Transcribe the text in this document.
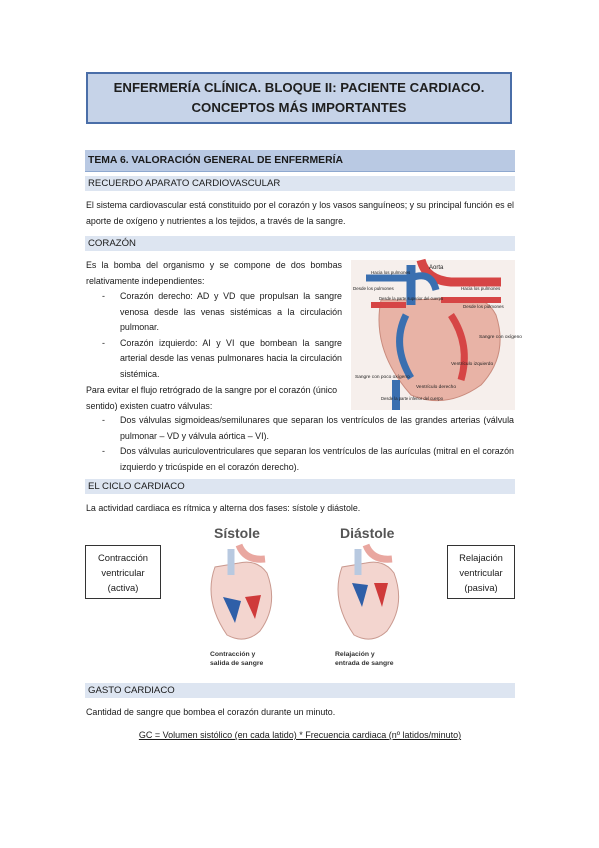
ENFERMERÍA CLÍNICA. BLOQUE II: PACIENTE CARDIACO.
CONCEPTOS MÁS IMPORTANTES
TEMA 6. VALORACIÓN GENERAL DE ENFERMERÍA
RECUERDO APARATO CARDIOVASCULAR
El sistema cardiovascular está constituido por el corazón y los vasos sanguíneos; y su principal función es el aporte de oxígeno y nutrientes a los tejidos, a través de la sangre.
CORAZÓN
Es la bomba del organismo y se compone de dos bombas relativamente independientes:
- Corazón derecho: AD y VD que propulsan la sangre venosa desde las venas sistémicas a la circulación pulmonar.
- Corazón izquierdo: AI y VI que bombean la sangre arterial desde las venas pulmonares hacia la circulación sistémica.
Para evitar el flujo retrógrado de la sangre por el corazón (único sentido) existen cuatro válvulas:
- Dos válvulas sigmoideas/semilunares que separan los ventrículos de las grandes arterias (válvula pulmonar – VD y válvula aórtica – VI).
- Dos válvulas auriculoventriculares que separan los ventrículos de las aurículas (mitral en el corazón izquierdo y tricúspide en el corazón derecho).
Aorta
Hacia los pulmones
Desde los pulmones	Hacia los pulmones
Desde los pulmones
Sangre con oxígeno
Ventrículo izquierdo
Sangre con poco oxígeno
Ventrículo derecho
Desde la parte inferior del cuerpo
Desde la parte superior del cuerpo
EL CICLO CARDIACO
La actividad cardiaca es rítmica y alterna dos fases: sístole y diástole.
Contracción
ventricular
(activa)
Relajación
ventricular
(pasiva)
Sístole	Diástole
Contracción y
salida de sangre
Relajación y
entrada de sangre
GASTO CARDIACO
Cantidad de sangre que bombea el corazón durante un minuto.
GC = Volumen sistólico (en cada latido) * Frecuencia cardiaca (nº latidos/minuto)
